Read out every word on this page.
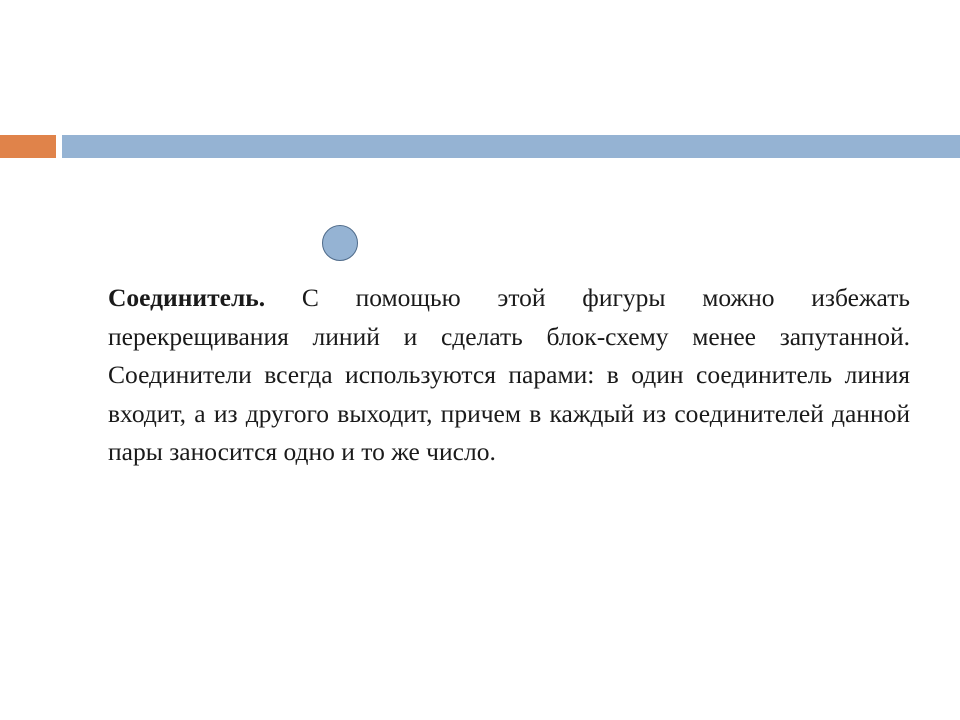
Соединитель. С помощью этой фигуры можно избежать перекрещивания линий и сделать блок-схему менее запутанной. Соединители всегда используются парами: в один соединитель линия входит, а из другого выходит, причем в каждый из соединителей данной пары заносится одно и то же число.
